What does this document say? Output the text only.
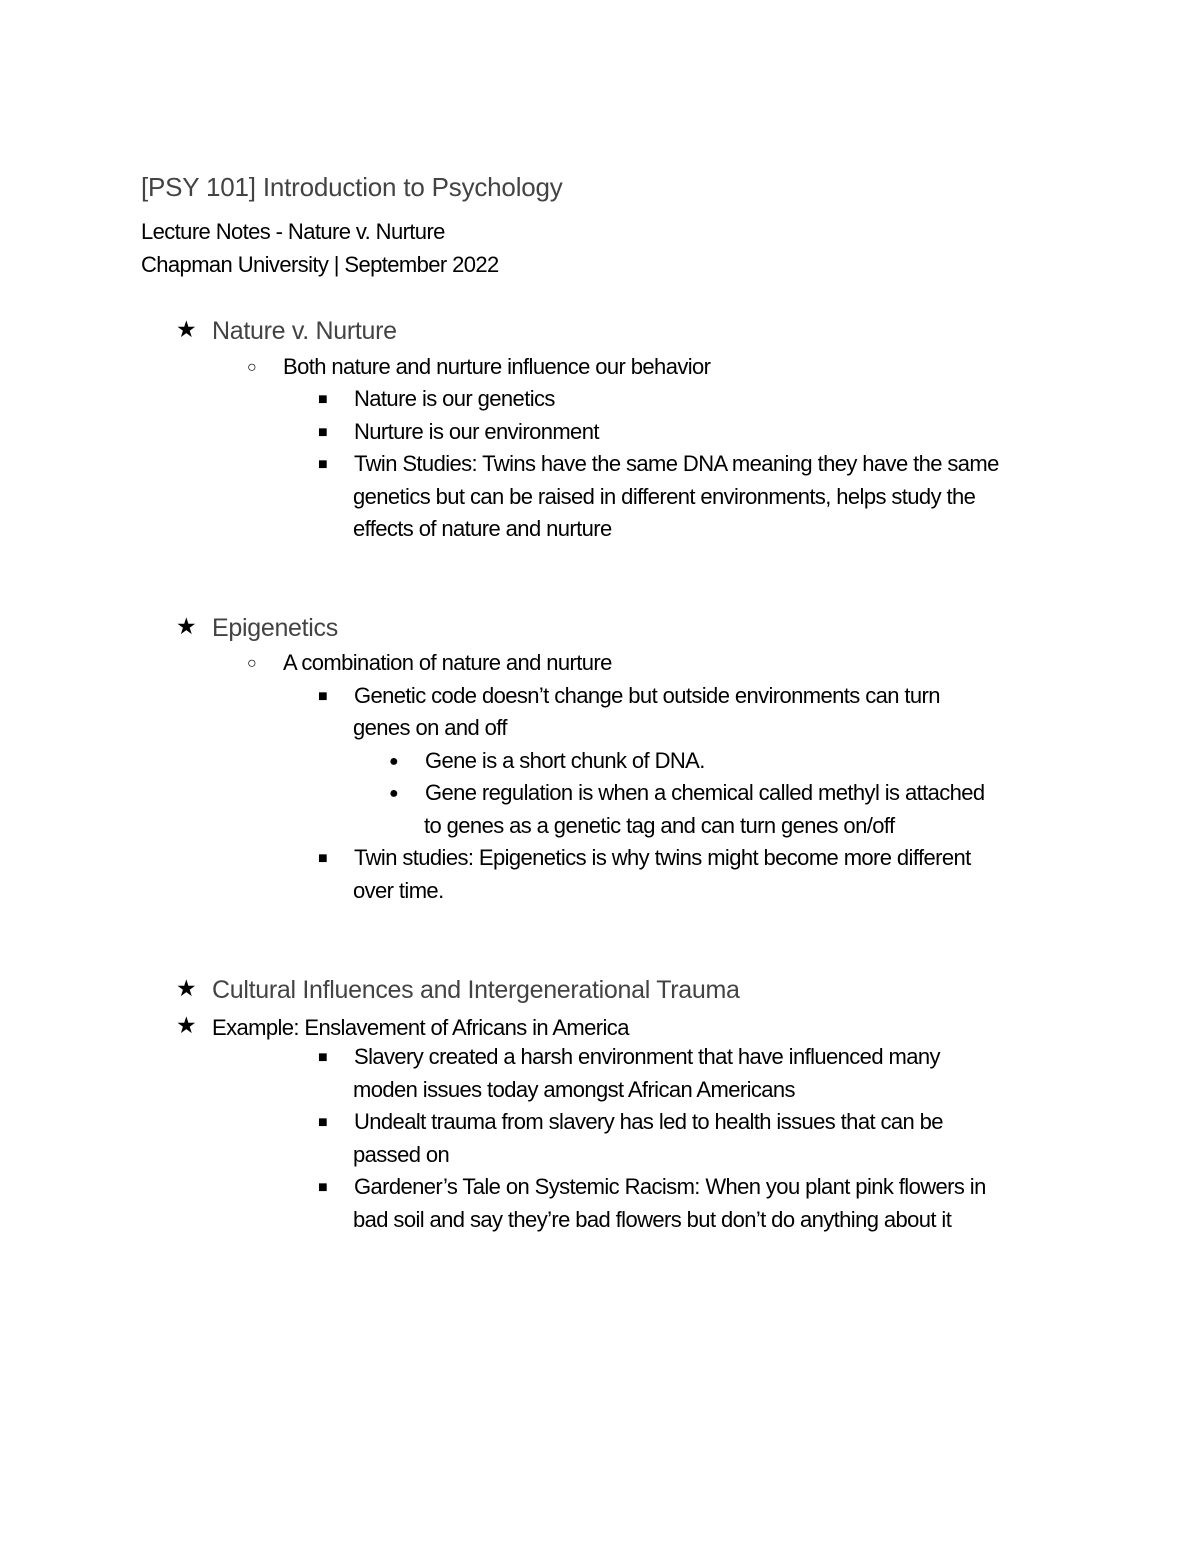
[PSY 101] Introduction to Psychology
Lecture Notes - Nature v. Nurture
Chapman University | September 2022
★ Nature v. Nurture
○ Both nature and nurture influence our behavior
■ Nature is our genetics
■ Nurture is our environment
■ Twin Studies: Twins have the same DNA meaning they have the same
genetics but can be raised in different environments, helps study the
effects of nature and nurture
★ Epigenetics
○ A combination of nature and nurture
■ Genetic code doesn’t change but outside environments can turn
genes on and off
● Gene is a short chunk of DNA.
● Gene regulation is when a chemical called methyl is attached
to genes as a genetic tag and can turn genes on/off
■ Twin studies: Epigenetics is why twins might become more different
over time.
★ Cultural Influences and Intergenerational Trauma
★ Example: Enslavement of Africans in America
■ Slavery created a harsh environment that have influenced many
moden issues today amongst African Americans
■ Undealt trauma from slavery has led to health issues that can be
passed on
■ Gardener’s Tale on Systemic Racism: When you plant pink flowers in
bad soil and say they’re bad flowers but don’t do anything about it
